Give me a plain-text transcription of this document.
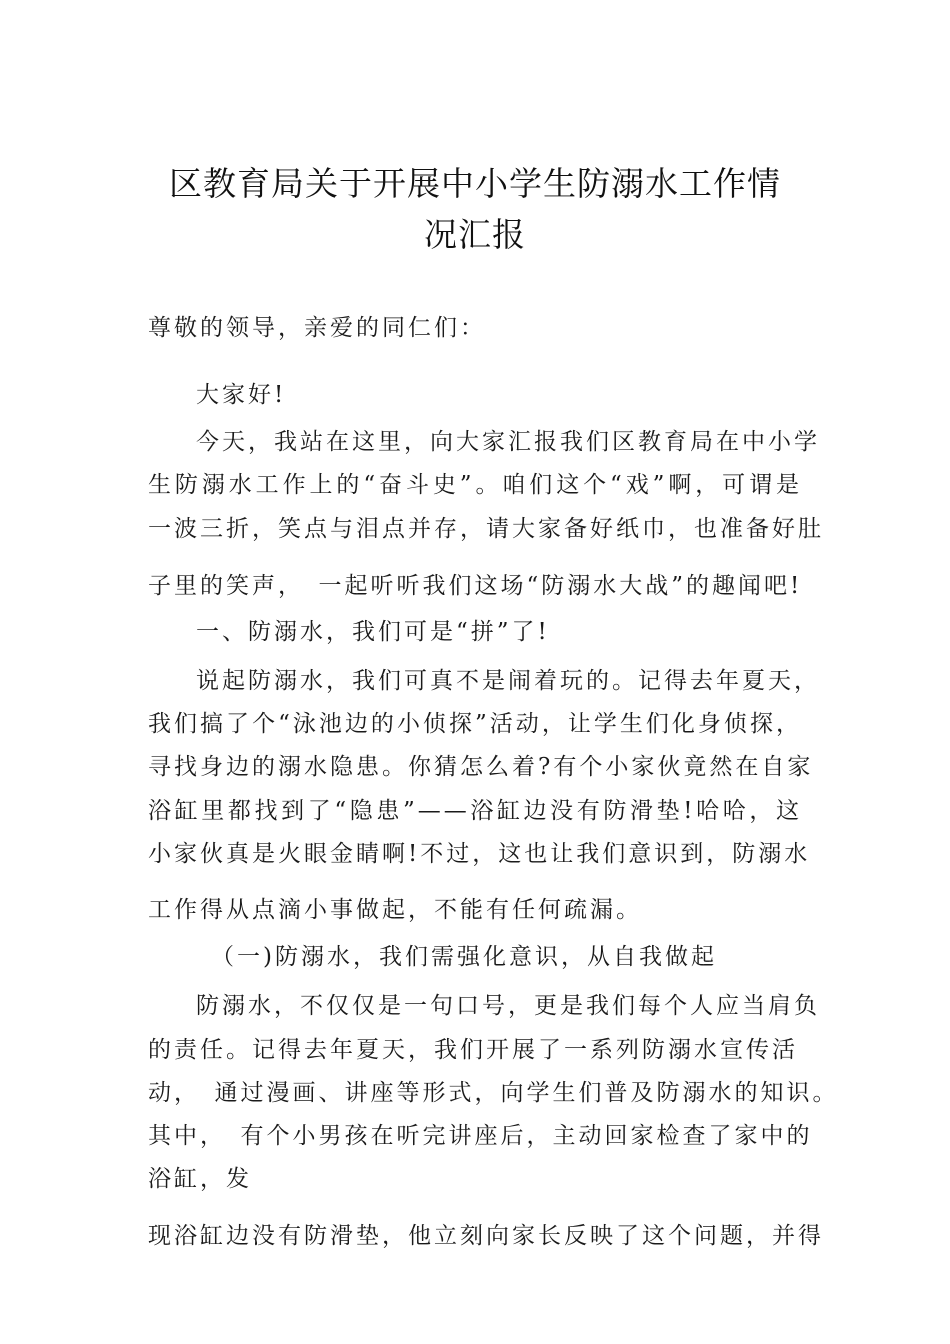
区教育局关于开展中小学生防溺水工作情
况汇报
尊敬的领导，亲爱的同仁们：
大家好!
今天，我站在这里，向大家汇报我们区教育局在中小学
生防溺水工作上的“奋斗史”。咱们这个“戏”啊，可谓是
一波三折，笑点与泪点并存，请大家备好纸巾，也准备好肚
子里的笑声，　一起听听我们这场“防溺水大战”的趣闻吧!
一、防溺水，我们可是“拼”了!
说起防溺水，我们可真不是闹着玩的。记得去年夏天，
我们搞了个“泳池边的小侦探”活动，让学生们化身侦探，
寻找身边的溺水隐患。你猜怎么着?有个小家伙竟然在自家
浴缸里都找到了“隐患”——浴缸边没有防滑垫!哈哈，这
小家伙真是火眼金睛啊!不过，这也让我们意识到，防溺水
工作得从点滴小事做起，不能有任何疏漏。
（一)防溺水，我们需强化意识，从自我做起
防溺水，不仅仅是一句口号，更是我们每个人应当肩负
的责任。记得去年夏天，我们开展了一系列防溺水宣传活
动，　通过漫画、讲座等形式，向学生们普及防溺水的知识。
其中，　有个小男孩在听完讲座后，主动回家检查了家中的
浴缸，发
现浴缸边没有防滑垫，他立刻向家长反映了这个问题，并得
